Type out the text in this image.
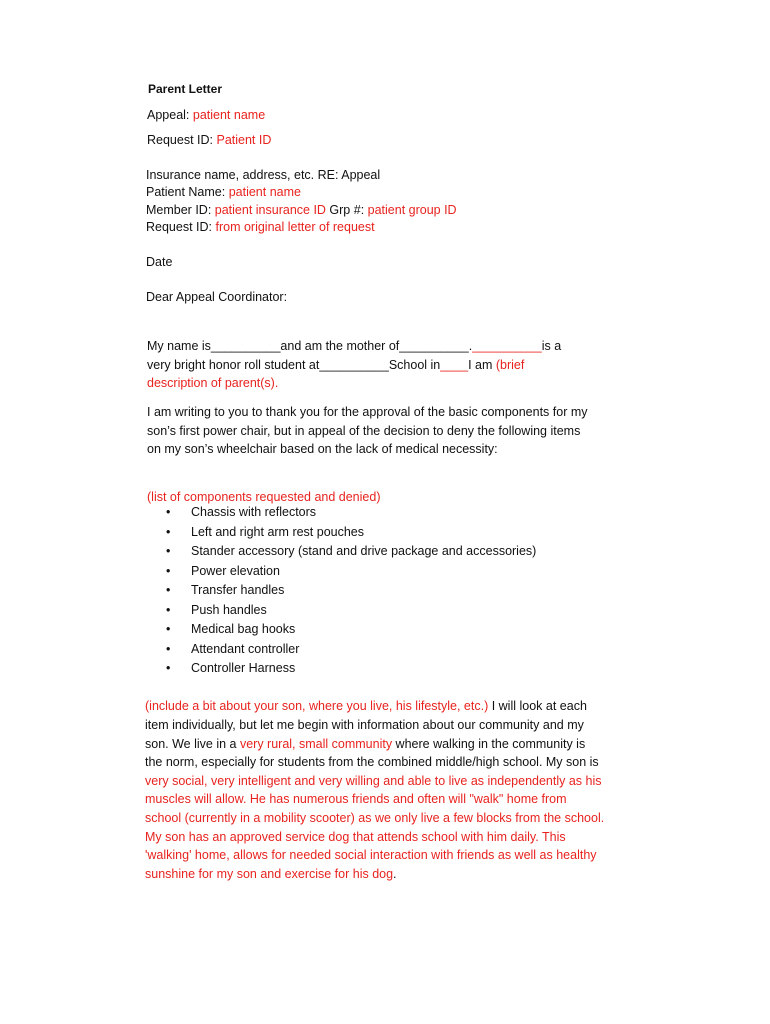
Parent Letter
Appeal: patient name
Request ID: Patient ID
Insurance name, address, etc. RE: Appeal
Patient Name: patient name
Member ID: patient insurance ID Grp #: patient group ID
Request ID: from original letter of request
Date
Dear Appeal Coordinator:
My name is__________and am the mother of__________.__________is a
very bright honor roll student at__________School in____I am (brief
description of parent(s).
I am writing to you to thank you for the approval of the basic components for my
son’s first power chair, but in appeal of the decision to deny the following items
on my son’s wheelchair based on the lack of medical necessity:
(list of components requested and denied)
• Chassis with reflectors
• Left and right arm rest pouches
• Stander accessory (stand and drive package and accessories)
• Power elevation
• Transfer handles
• Push handles
• Medical bag hooks
• Attendant controller
• Controller Harness
(include a bit about your son, where you live, his lifestyle, etc.) I will look at each
item individually, but let me begin with information about our community and my
son. We live in a very rural, small community where walking in the community is
the norm, especially for students from the combined middle/high school. My son is
very social, very intelligent and very willing and able to live as independently as his
muscles will allow. He has numerous friends and often will "walk" home from
school (currently in a mobility scooter) as we only live a few blocks from the school.
My son has an approved service dog that attends school with him daily. This
'walking' home, allows for needed social interaction with friends as well as healthy
sunshine for my son and exercise for his dog.
